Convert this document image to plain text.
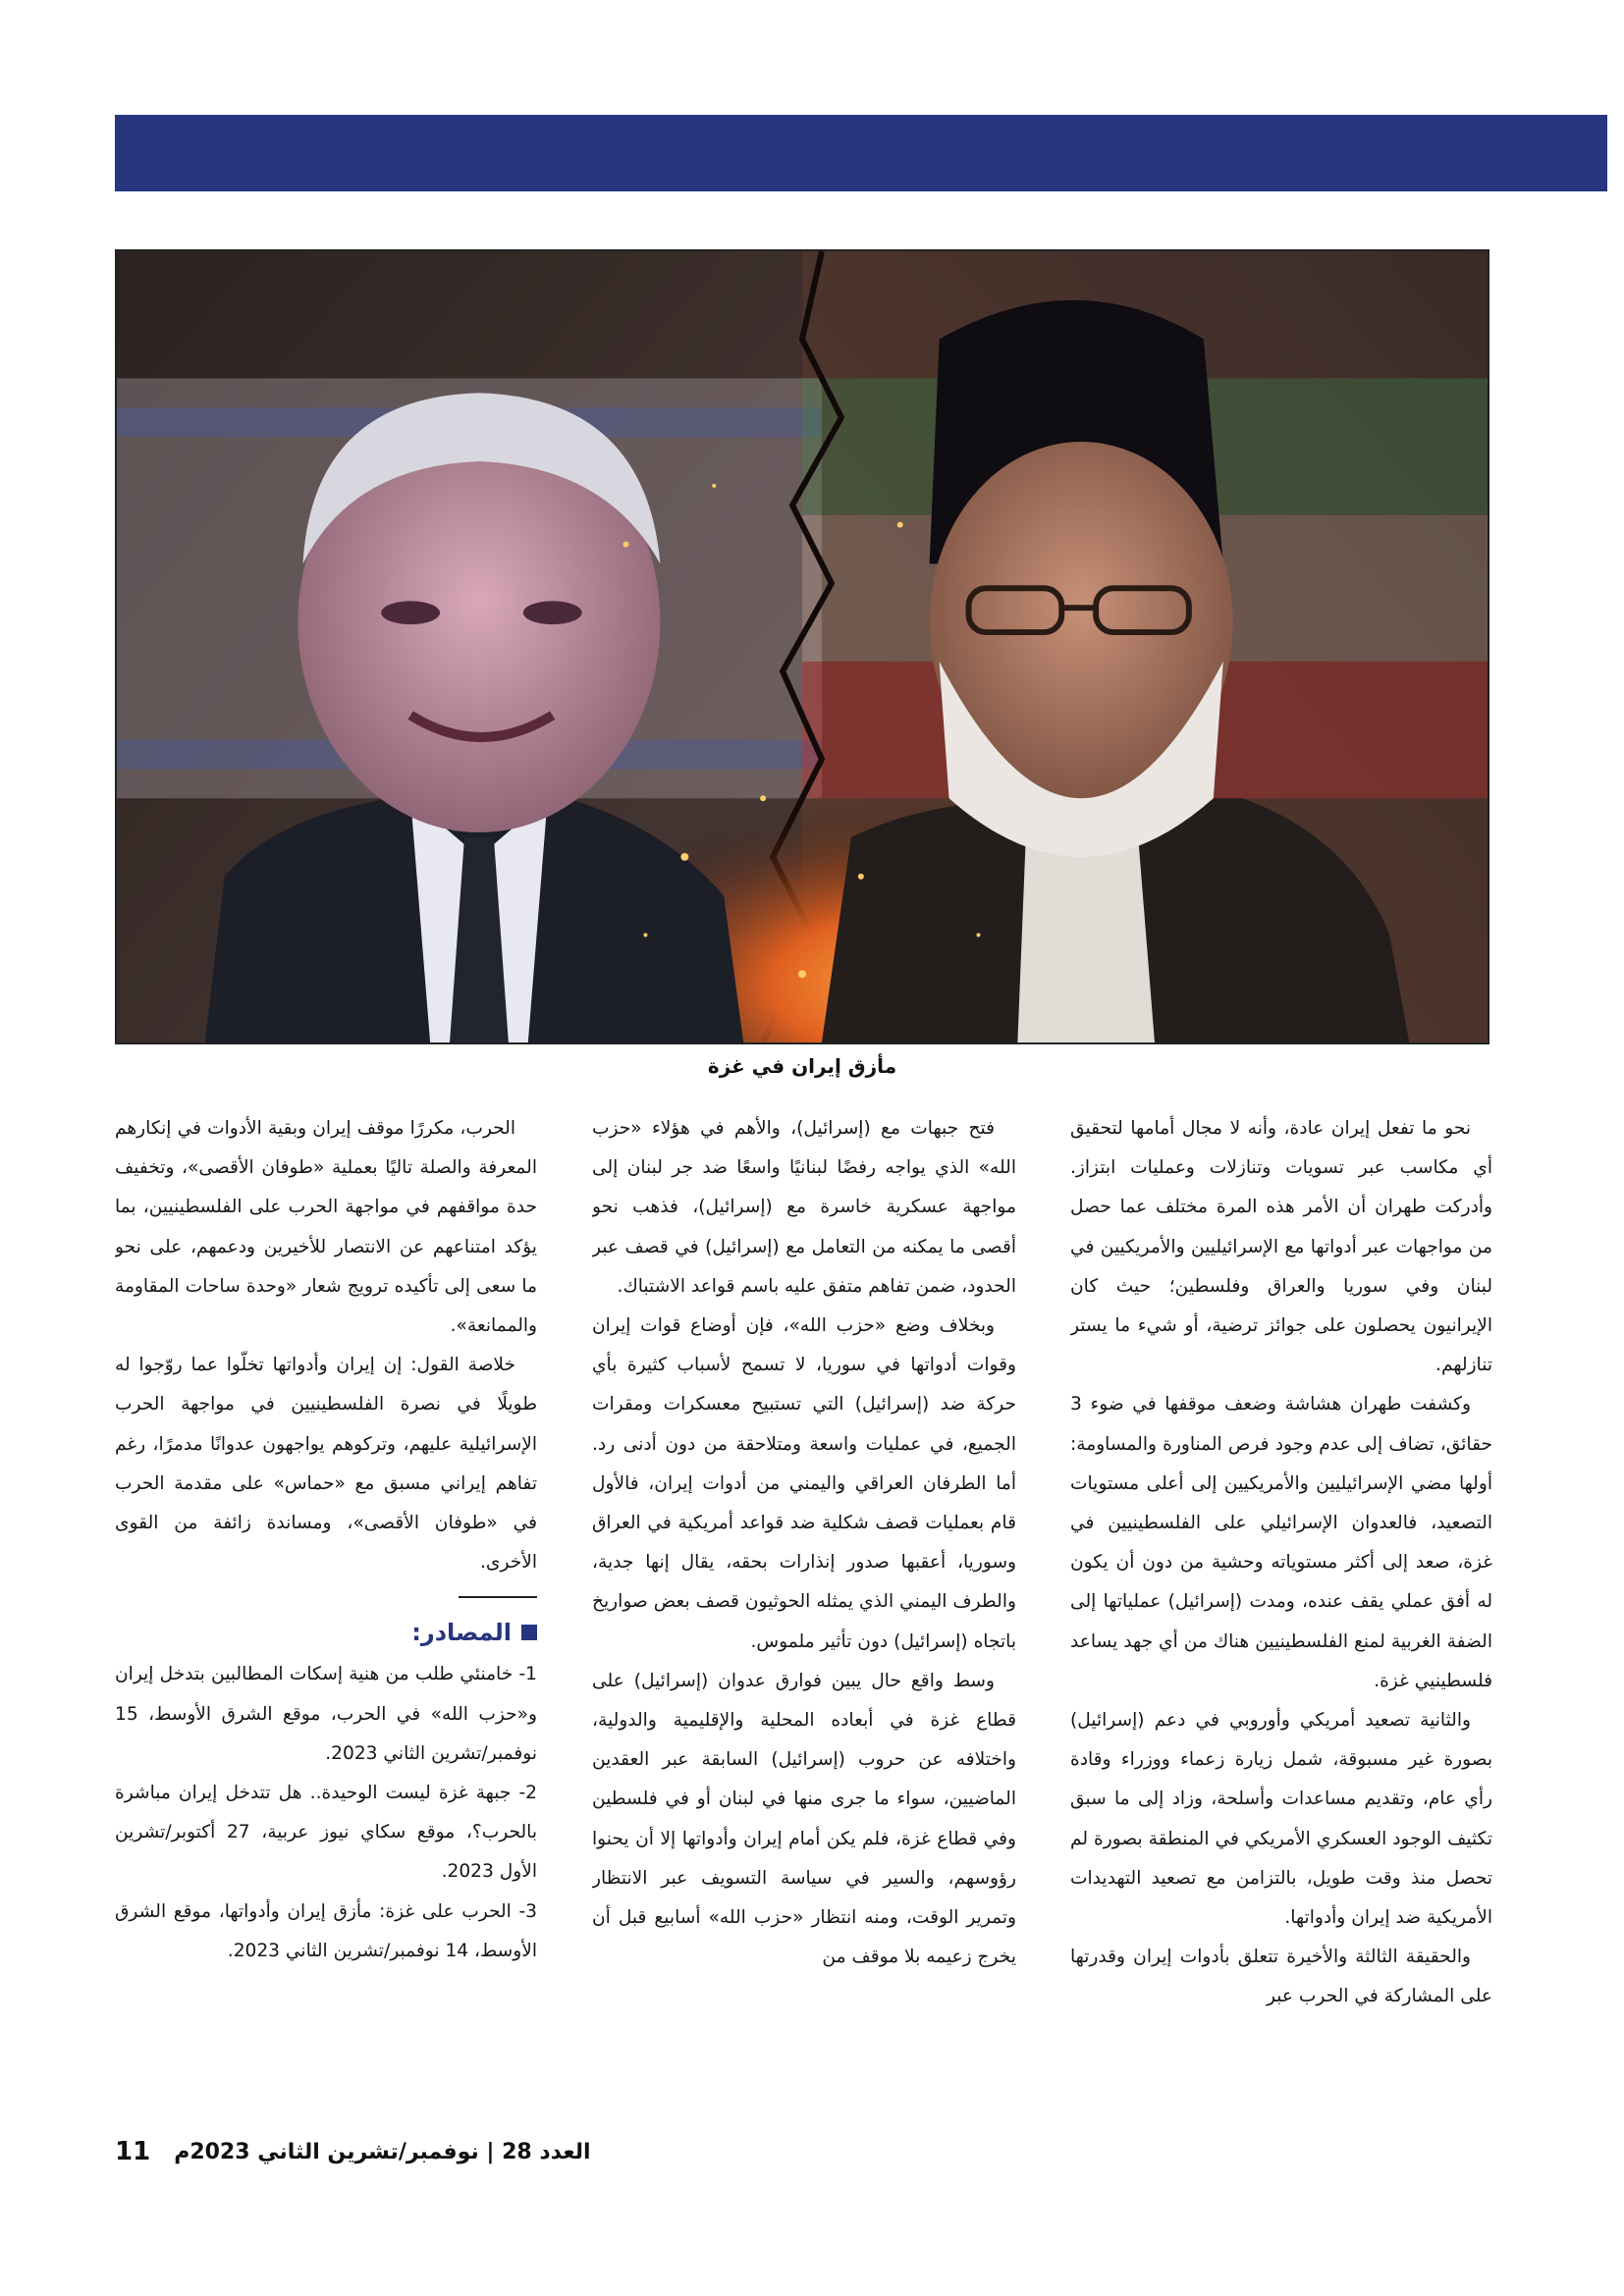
مأزق إيران في غزة

نحو ما تفعل إيران عادة، وأنه لا مجال أمامها لتحقيق أي مكاسب عبر تسويات وتنازلات وعمليات ابتزاز. وأدركت طهران أن الأمر هذه المرة مختلف عما حصل من مواجهات عبر أدواتها مع الإسرائيليين والأمريكيين في لبنان وفي سوريا والعراق وفلسطين؛ حيث كان الإيرانيون يحصلون على جوائز ترضية، أو شيء ما يستر تنازلهم.

وكشفت طهران هشاشة وضعف موقفها في ضوء 3 حقائق، تضاف إلى عدم وجود فرص المناورة والمساومة: أولها مضي الإسرائيليين والأمريكيين إلى أعلى مستويات التصعيد، فالعدوان الإسرائيلي على الفلسطينيين في غزة، صعد إلى أكثر مستوياته وحشية من دون أن يكون له أفق عملي يقف عنده، ومدت (إسرائيل) عملياتها إلى الضفة الغربية لمنع الفلسطينيين هناك من أي جهد يساعد فلسطينيي غزة.

والثانية تصعيد أمريكي وأوروبي في دعم (إسرائيل) بصورة غير مسبوقة، شمل زيارة زعماء ووزراء وقادة رأي عام، وتقديم مساعدات وأسلحة، وزاد إلى ما سبق تكثيف الوجود العسكري الأمريكي في المنطقة بصورة لم تحصل منذ وقت طويل، بالتزامن مع تصعيد التهديدات الأمريكية ضد إيران وأدواتها.

والحقيقة الثالثة والأخيرة تتعلق بأدوات إيران وقدرتها على المشاركة في الحرب عبر

فتح جبهات مع (إسرائيل)، والأهم في هؤلاء «حزب الله» الذي يواجه رفضًا لبنانيًا واسعًا ضد جر لبنان إلى مواجهة عسكرية خاسرة مع (إسرائيل)، فذهب نحو أقصى ما يمكنه من التعامل مع (إسرائيل) في قصف عبر الحدود، ضمن تفاهم متفق عليه باسم قواعد الاشتباك.

وبخلاف وضع «حزب الله»، فإن أوضاع قوات إيران وقوات أدواتها في سوريا، لا تسمح لأسباب كثيرة بأي حركة ضد (إسرائيل) التي تستبيح معسكرات ومقرات الجميع، في عمليات واسعة ومتلاحقة من دون أدنى رد. أما الطرفان العراقي واليمني من أدوات إيران، فالأول قام بعمليات قصف شكلية ضد قواعد أمريكية في العراق وسوريا، أعقبها صدور إنذارات بحقه، يقال إنها جدية، والطرف اليمني الذي يمثله الحوثيون قصف بعض صواريخ باتجاه (إسرائيل) دون تأثير ملموس.

وسط واقع حال يبين فوارق عدوان (إسرائيل) على قطاع غزة في أبعاده المحلية والإقليمية والدولية، واختلافه عن حروب (إسرائيل) السابقة عبر العقدين الماضيين، سواء ما جرى منها في لبنان أو في فلسطين وفي قطاع غزة، فلم يكن أمام إيران وأدواتها إلا أن يحنوا رؤوسهم، والسير في سياسة التسويف عبر الانتظار وتمرير الوقت، ومنه انتظار «حزب الله» أسابيع قبل أن يخرج زعيمه بلا موقف من

الحرب، مكررًا موقف إيران وبقية الأدوات في إنكارهم المعرفة والصلة تاليًا بعملية «طوفان الأقصى»، وتخفيف حدة مواقفهم في مواجهة الحرب على الفلسطينيين، بما يؤكد امتناعهم عن الانتصار للأخيرين ودعمهم، على نحو ما سعى إلى تأكيده ترويج شعار «وحدة ساحات المقاومة والممانعة».

خلاصة القول: إن إيران وأدواتها تخلّوا عما روّجوا له طويلًا في نصرة الفلسطينيين في مواجهة الحرب الإسرائيلية عليهم، وتركوهم يواجهون عدوانًا مدمرًا، رغم تفاهم إيراني مسبق مع «حماس» على مقدمة الحرب في «طوفان الأقصى»، ومساندة زائفة من القوى الأخرى.

المصادر:

1- خامنئي طلب من هنية إسكات المطالبين بتدخل إيران و«حزب الله» في الحرب، موقع الشرق الأوسط، 15 نوفمبر/تشرين الثاني 2023.

2- جبهة غزة ليست الوحيدة.. هل تتدخل إيران مباشرة بالحرب؟، موقع سكاي نيوز عربية، 27 أكتوبر/تشرين الأول 2023.

3- الحرب على غزة: مأزق إيران وأدواتها، موقع الشرق الأوسط، 14 نوفمبر/تشرين الثاني 2023.

11 العدد 28 | نوفمبر/تشرين الثاني 2023م
